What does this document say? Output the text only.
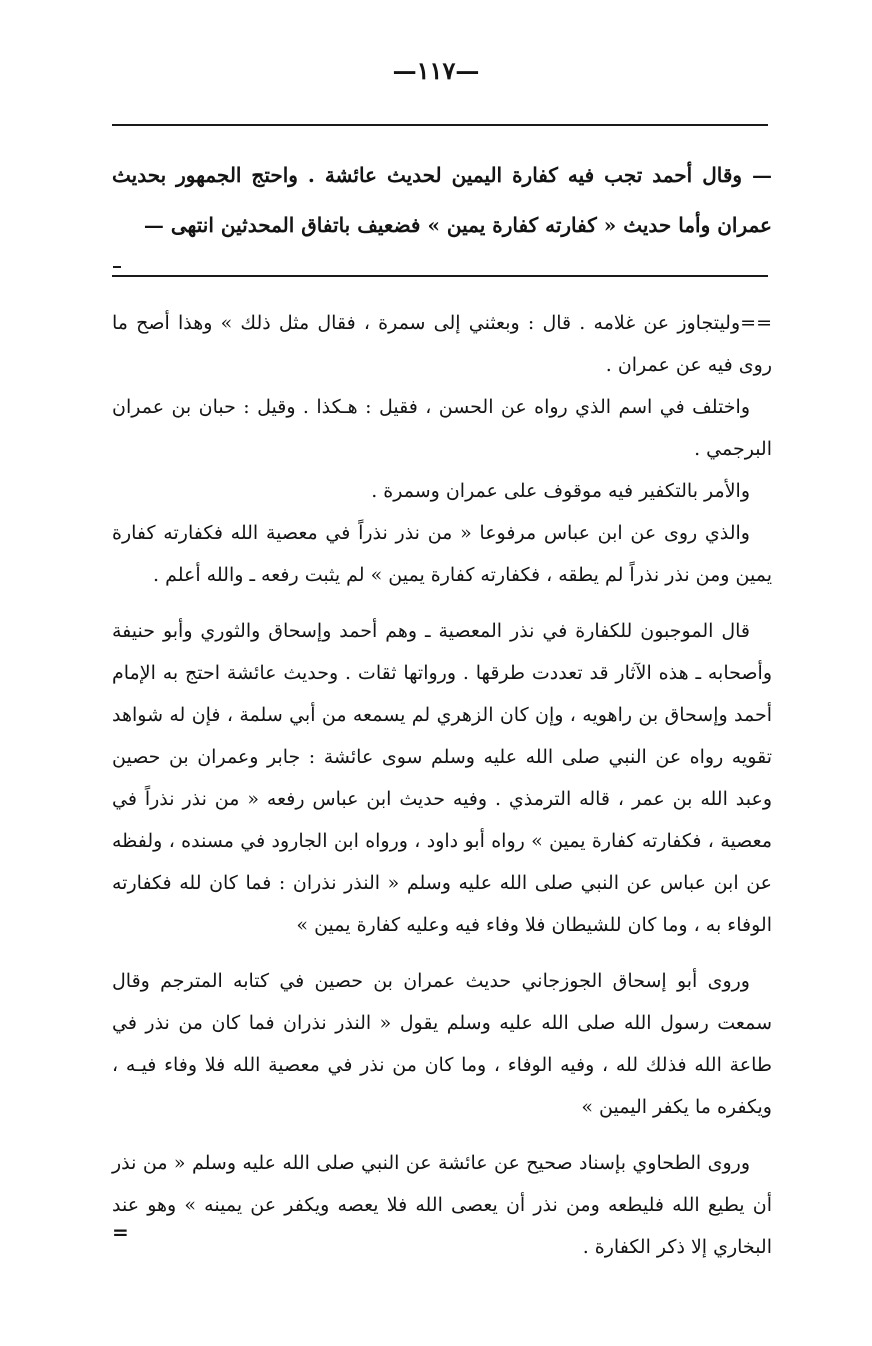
—١١٧—
— وقال أحمد تجب فيه كفارة اليمين لحديث عائشة . واحتج الجمهور بحديث عمران وأما حديث « كفارته كفارة يمين » فضعيف باتفاق المحدثين انتهى —

==وليتجاوز عن غلامه . قال : وبعثني إلى سمرة ، فقال مثل ذلك » وهذا أصح ما روى فيه عن عمران .

واختلف في اسم الذي رواه عن الحسن ، فقيل : هـكذا . وقيل : حبان بن عمران البرجمي .

والأمر بالتكفير فيه موقوف على عمران وسمرة .

والذي روى عن ابن عباس مرفوعا « من نذر نذراً في معصية الله فكفارته كفارة يمين ومن نذر نذراً لم يطقه ، فكفارته كفارة يمين » لم يثبت رفعه ـ والله أعلم .

قال الموجبون للكفارة في نذر المعصية ـ وهم أحمد وإسحاق والثوري وأبو حنيفة وأصحابه ـ هذه الآثار قد تعددت طرقها . ورواتها ثقات . وحديث عائشة احتج به الإمام أحمد وإسحاق بن راهويه ، وإن كان الزهري لم يسمعه من أبي سلمة ، فإن له شواهد تقويه رواه عن النبي صلى الله عليه وسلم سوى عائشة : جابر وعمران بن حصين وعبد الله بن عمر ، قاله الترمذي . وفيه حديث ابن عباس رفعه « من نذر نذراً في معصية ، فكفارته كفارة يمين » رواه أبو داود ، ورواه ابن الجارود في مسنده ، ولفظه عن ابن عباس عن النبي صلى الله عليه وسلم « النذر نذران : فما كان لله فكفارته الوفاء به ، وما كان للشيطان فلا وفاء فيه وعليه كفارة يمين »

وروى أبو إسحاق الجوزجاني حديث عمران بن حصين في كتابه المترجم وقال سمعت رسول الله صلى الله عليه وسلم يقول « النذر نذران فما كان من نذر في طاعة الله فذلك لله ، وفيه الوفاء ، وما كان من نذر في معصية الله فلا وفاء فيـه ، ويكفره ما يكفر اليمين »

وروى الطحاوي بإسناد صحيح عن عائشة عن النبي صلى الله عليه وسلم « من نذر أن يطيع الله فليطعه ومن نذر أن يعصى الله فلا يعصه ويكفر عن يمينه » وهو عند البخاري إلا ذكر الكفارة .

=
